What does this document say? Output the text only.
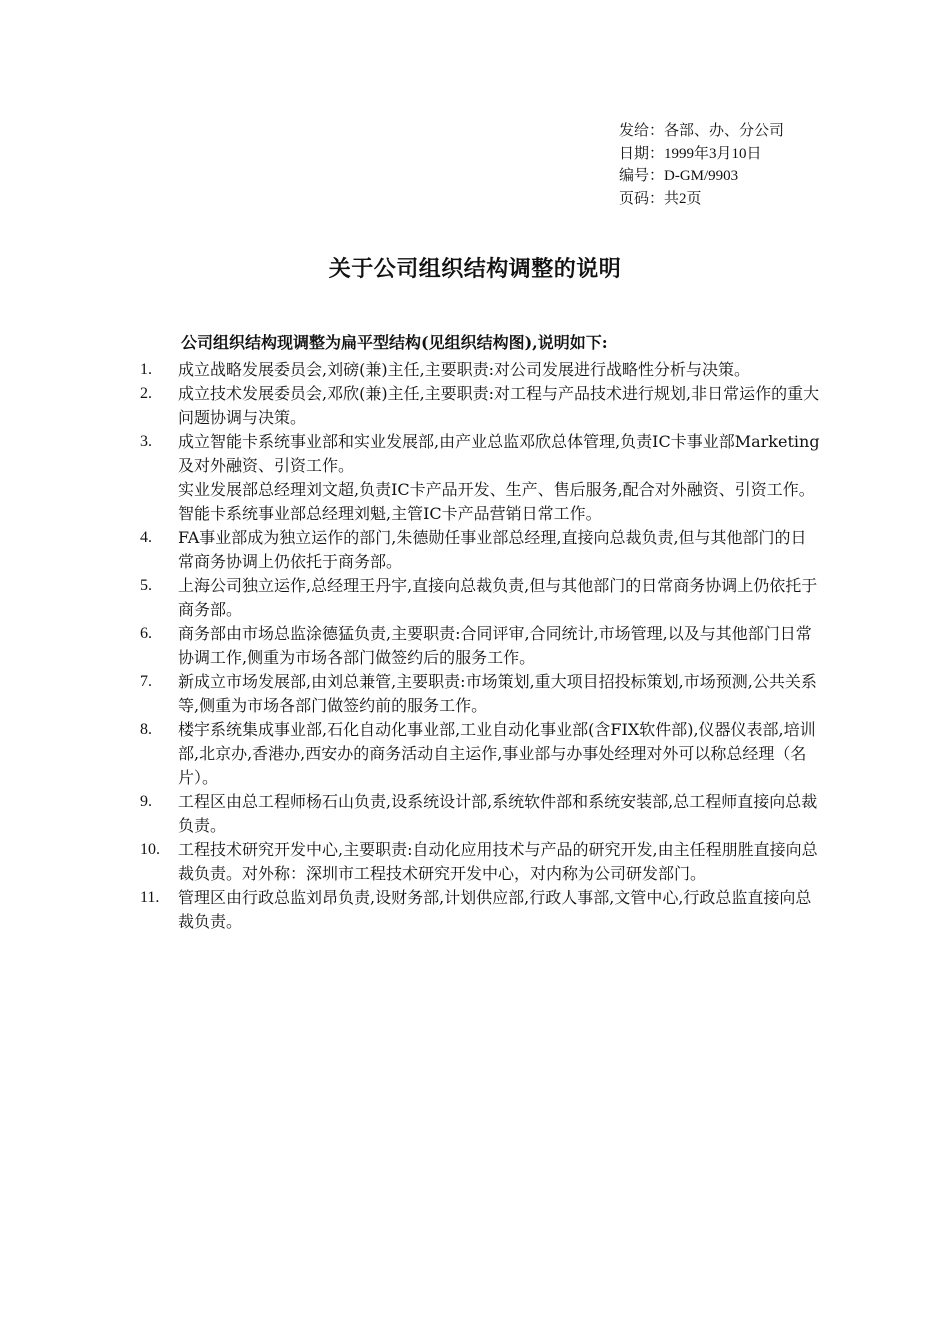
发给：各部、办、分公司
日期：1999年3月10日
编号：D-GM/9903
页码：共2页
关于公司组织结构调整的说明
公司组织结构现调整为扁平型结构(见组织结构图),说明如下:
1.	成立战略发展委员会,刘磅(兼)主任,主要职责:对公司发展进行战略性分析与决策。

2.	成立技术发展委员会,邓欣(兼)主任,主要职责:对工程与产品技术进行规划,非日常运作的重大问题协调与决策。

3.	成立智能卡系统事业部和实业发展部,由产业总监邓欣总体管理,负责IC卡事业部Marketing及对外融资、引资工作。

实业发展部总经理刘文超,负责IC卡产品开发、生产、售后服务,配合对外融资、引资工作。

智能卡系统事业部总经理刘魁,主管IC卡产品营销日常工作。

4.	FA事业部成为独立运作的部门,朱德勋任事业部总经理,直接向总裁负责,但与其他部门的日常商务协调上仍依托于商务部。

5.	上海公司独立运作,总经理王丹宇,直接向总裁负责,但与其他部门的日常商务协调上仍依托于商务部。

6.	商务部由市场总监涂德猛负责,主要职责:合同评审,合同统计,市场管理,以及与其他部门日常协调工作,侧重为市场各部门做签约后的服务工作。

7.	新成立市场发展部,由刘总兼管,主要职责:市场策划,重大项目招投标策划,市场预测,公共关系等,侧重为市场各部门做签约前的服务工作。

8.	楼宇系统集成事业部,石化自动化事业部,工业自动化事业部(含FIX软件部),仪器仪表部,培训部,北京办,香港办,西安办的商务活动自主运作,事业部与办事处经理对外可以称总经理（名片）。

9.	工程区由总工程师杨石山负责,设系统设计部,系统软件部和系统安装部,总工程师直接向总裁负责。

10.	工程技术研究开发中心,主要职责:自动化应用技术与产品的研究开发,由主任程朋胜直接向总裁负责。对外称：深圳市工程技术研究开发中心，对内称为公司研发部门。

11.	管理区由行政总监刘昂负责,设财务部,计划供应部,行政人事部,文管中心,行政总监直接向总裁负责。
